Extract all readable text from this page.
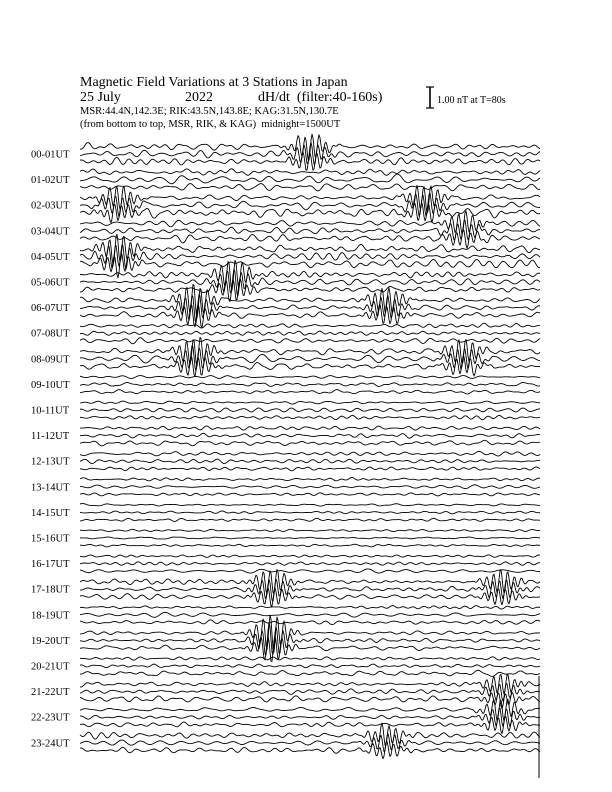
Magnetic Field Variations at 3 Stations in Japan
25 July	2022	dH/dt  (filter:40-160s)
MSR:44.4N,142.3E; RIK:43.5N,143.8E; KAG:31.5N,130.7E
(from bottom to top, MSR, RIK, & KAG)  midnight=1500UT
1.00 nT at T=80s
00-01UT
01-02UT
02-03UT
03-04UT
04-05UT
05-06UT
06-07UT
07-08UT
08-09UT
09-10UT
10-11UT
11-12UT
12-13UT
13-14UT
14-15UT
15-16UT
16-17UT
17-18UT
18-19UT
19-20UT
20-21UT
21-22UT
22-23UT
23-24UT
